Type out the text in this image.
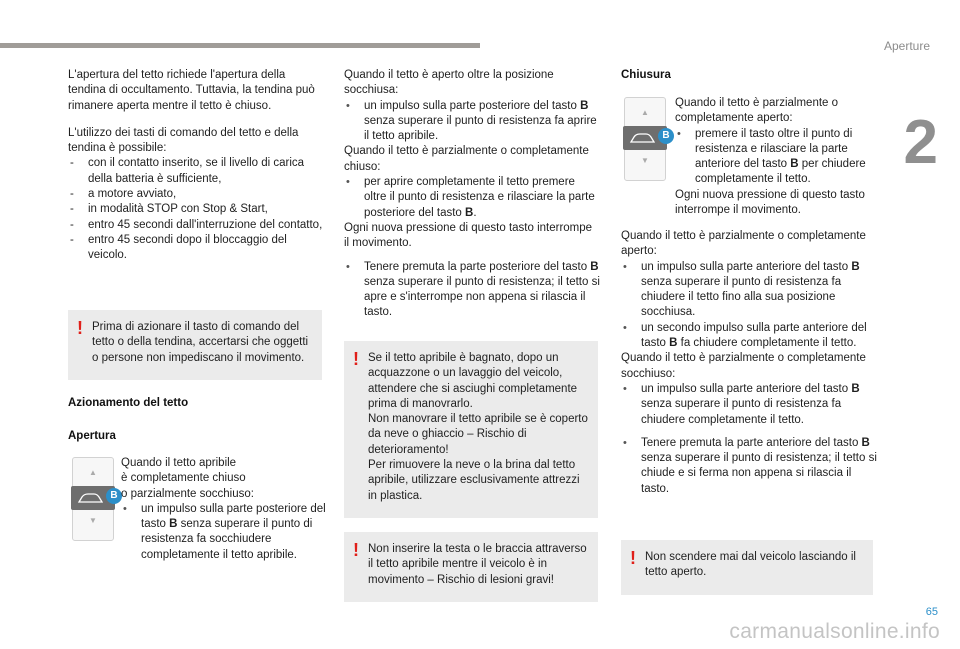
Aperture
2

L'apertura del tetto richiede l'apertura della tendina di occultamento. Tuttavia, la tendina può rimanere aperta mentre il tetto è chiuso.

L'utilizzo dei tasti di comando del tetto e della tendina è possibile:

- con il contatto inserito, se il livello di carica della batteria è sufficiente,
- a motore avviato,
- in modalità STOP con Stop & Start,
- entro 45 secondi dall'interruzione del contatto,
- entro 45 secondi dopo il bloccaggio del veicolo.
! Prima di azionare il tasto di comando del tetto o della tendina, accertarsi che oggetti o persone non impediscano il movimento.
Azionamento del tetto
Apertura
▲
B
▼

Quando il tetto apribile

è completamente chiuso

o parzialmente socchiuso:

• un impulso sulla parte posteriore del tasto B senza superare il punto di resistenza fa socchiudere completamente il tetto apribile.

Quando il tetto è aperto oltre la posizione socchiusa:

• un impulso sulla parte posteriore del tasto B senza superare il punto di resistenza fa aprire il tetto apribile.

Quando il tetto è parzialmente o completamente chiuso:

• per aprire completamente il tetto premere oltre il punto di resistenza e rilasciare la parte posteriore del tasto B.

Ogni nuova pressione di questo tasto interrompe il movimento.

• Tenere premuta la parte posteriore del tasto B senza superare il punto di resistenza; il tetto si apre e s'interrompe non appena si rilascia il tasto.
! Se il tetto apribile è bagnato, dopo un acquazzone o un lavaggio del veicolo, attendere che si asciughi completamente prima di manovrarlo.

Non manovrare il tetto apribile se è coperto da neve o ghiaccio – Rischio di deterioramento!

Per rimuovere la neve o la brina dal tetto apribile, utilizzare esclusivamente attrezzi in plastica.

! Non inserire la testa o le braccia attraverso il tetto apribile mentre il veicolo è in movimento – Rischio di lesioni gravi!
Chiusura
▲
B
▼

Quando il tetto è parzialmente o completamente aperto:

• premere il tasto oltre il punto di resistenza e rilasciare la parte anteriore del tasto B per chiudere completamente il tetto.

Ogni nuova pressione di questo tasto interrompe il movimento.

Quando il tetto è parzialmente o completamente aperto:

• un impulso sulla parte anteriore del tasto B senza superare il punto di resistenza fa chiudere il tetto fino alla sua posizione socchiusa.
• un secondo impulso sulla parte anteriore del tasto B fa chiudere completamente il tetto.

Quando il tetto è parzialmente o completamente socchiuso:

• un impulso sulla parte anteriore del tasto B senza superare il punto di resistenza fa chiudere completamente il tetto.
• Tenere premuta la parte anteriore del tasto B senza superare il punto di resistenza; il tetto si chiude e si ferma non appena si rilascia il tasto.
! Non scendere mai dal veicolo lasciando il tetto aperto.
65
carmanualsonline.info
